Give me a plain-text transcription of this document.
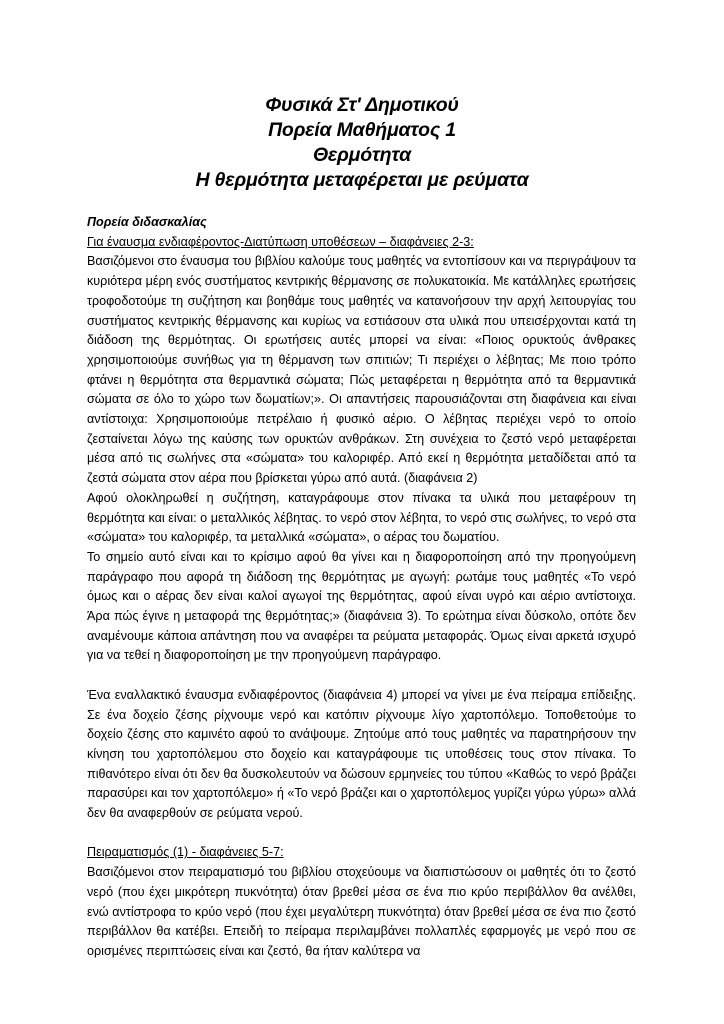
Φυσικά Στ' Δημοτικού
Πορεία Μαθήματος 1
Θερμότητα
Η θερμότητα μεταφέρεται με ρεύματα
Πορεία διδασκαλίας
Για έναυσμα ενδιαφέροντος-Διατύπωση υποθέσεων – διαφάνειες 2-3:

Βασιζόμενοι στο έναυσμα του βιβλίου καλούμε τους μαθητές να εντοπίσουν και να περιγράψουν τα κυριότερα μέρη ενός συστήματος κεντρικής θέρμανσης σε πολυκατοικία. Με κατάλληλες ερωτήσεις τροφοδοτούμε τη συζήτηση και βοηθάμε τους μαθητές να κατανοήσουν την αρχή λειτουργίας του συστήματος κεντρικής θέρμανσης και κυρίως να εστιάσουν στα υλικά που υπεισέρχονται κατά τη διάδοση της θερμότητας. Οι ερωτήσεις αυτές μπορεί να είναι: «Ποιος ορυκτούς άνθρακες χρησιμοποιούμε συνήθως για τη θέρμανση των σπιτιών; Τι περιέχει ο λέβητας; Με ποιο τρόπο φτάνει η θερμότητα στα θερμαντικά σώματα; Πώς μεταφέρεται η θερμότητα από τα θερμαντικά σώματα σε όλο το χώρο των δωματίων;». Οι απαντήσεις παρουσιάζονται στη διαφάνεια και είναι αντίστοιχα: Χρησιμοποιούμε πετρέλαιο ή φυσικό αέριο. Ο λέβητας περιέχει νερό το οποίο ζεσταίνεται λόγω της καύσης των ορυκτών ανθράκων. Στη συνέχεια το ζεστό νερό μεταφέρεται μέσα από τις σωλήνες στα «σώματα» του καλοριφέρ. Από εκεί η θερμότητα μεταδίδεται από τα ζεστά σώματα στον αέρα που βρίσκεται γύρω από αυτά. (διαφάνεια 2)

Αφού ολοκληρωθεί η συζήτηση, καταγράφουμε στον πίνακα τα υλικά που μεταφέρουν τη θερμότητα και είναι: ο μεταλλικός λέβητας. το νερό στον λέβητα, το νερό στις σωλήνες, το νερό στα «σώματα» του καλοριφέρ, τα μεταλλικά «σώματα», ο αέρας του δωματίου.

Το σημείο αυτό είναι και το κρίσιμο αφού θα γίνει και η διαφοροποίηση από την προηγούμενη παράγραφο που αφορά τη διάδοση της θερμότητας με αγωγή: ρωτάμε τους μαθητές «Το νερό όμως και ο αέρας δεν είναι καλοί αγωγοί της θερμότητας, αφού είναι υγρό και αέριο αντίστοιχα. Άρα πώς έγινε η μεταφορά της θερμότητας;» (διαφάνεια 3). Το ερώτημα είναι δύσκολο, οπότε δεν αναμένουμε κάποια απάντηση που να αναφέρει τα ρεύματα μεταφοράς. Όμως είναι αρκετά ισχυρό για να τεθεί η διαφοροποίηση με την προηγούμενη παράγραφο.

Ένα εναλλακτικό έναυσμα ενδιαφέροντος (διαφάνεια 4) μπορεί να γίνει με ένα πείραμα επίδειξης. Σε ένα δοχείο ζέσης ρίχνουμε νερό και κατόπιν ρίχνουμε λίγο χαρτοπόλεμο. Τοποθετούμε το δοχείο ζέσης στο καμινέτο αφού το ανάψουμε. Ζητούμε από τους μαθητές να παρατηρήσουν την κίνηση του χαρτοπόλεμου στο δοχείο και καταγράφουμε τις υποθέσεις τους στον πίνακα. Το πιθανότερο είναι ότι δεν θα δυσκολευτούν να δώσουν ερμηνείες του τύπου «Καθώς το νερό βράζει παρασύρει και τον χαρτοπόλεμο» ή «Το νερό βράζει και ο χαρτοπόλεμος γυρίζει γύρω γύρω» αλλά δεν θα αναφερθούν σε ρεύματα νερού.

Πειραματισμός (1) - διαφάνειες 5-7:

Βασιζόμενοι στον πειραματισμό του βιβλίου στοχεύουμε να διαπιστώσουν οι μαθητές ότι το ζεστό νερό (που έχει μικρότερη πυκνότητα) όταν βρεθεί μέσα σε ένα πιο κρύο περιβάλλον θα ανέλθει, ενώ αντίστροφα το κρύο νερό (που έχει μεγαλύτερη πυκνότητα) όταν βρεθεί μέσα σε ένα πιο ζεστό περιβάλλον θα κατέβει. Επειδή το πείραμα περιλαμβάνει πολλαπλές εφαρμογές με νερό που σε ορισμένες περιπτώσεις είναι και ζεστό, θα ήταν καλύτερα να
